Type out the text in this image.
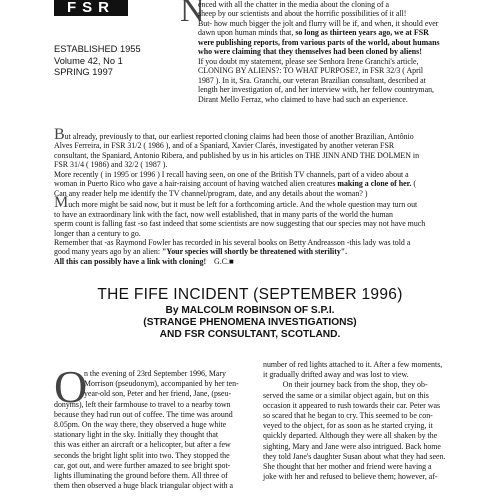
FSR
ESTABLISHED 1955
Volume 42, No 1
SPRING 1997
N
enced with all the chatter in the media about the cloning of a
sheep by our scientists and about the horrific possibilities of it all!
But- how much bigger the jolt and flurry will be if, and when, it should ever
dawn upon human minds that, so long as thirteen years ago, we at FSR
were publishing reports, from various parts of the world, about humans
who were claiming that they themselves had been cloned by aliens!
If you doubt my statement, please see Senhora Irene Granchi's article,
CLONING BY ALIENS?: TO WHAT PURPOSE?, in FSR 32/3 ( April
1987 ). In it, Sra. Granchi, our veteran Brazilian consultant, described at
length her investigation of, and her interview with, her fellow countryman,
Dirant Mello Ferraz, who claimed to have had such an experience.
But already, previously to that, our earliest reported cloning claims had been those of another Brazilian, Antônio
Alves Ferreira, in FSR 31/2 ( 1986 ), and of a Spaniard, Xavier Clarés, investigated by another veteran FSR
consultant, the Spaniard, Antonio Ribera, and published by us in his articles on THE JINN AND THE DOLMEN in
FSR 31/4 ( 1986) and 32/2 ( 1987 ).
More recently ( in 1995 or 1996 ) I recall having seen, on one of the British TV channels, part of a video about a
woman in Puerto Rico who gave a hair-raising account of having watched alien creatures making a clone of her. (
Can any reader help me identify the TV channel/program, date, and any details about the woman? )
Much more might be said now, but it must be left for a forthcoming article. And the whole question may turn out
to have an extraordinary link with the fact, now well established, that in many parts of the world the human
sperm count is falling fast -so fast indeed that some scientists are now suggesting that our species may not have much
longer than a century to go.
Remember that -as Raymond Fowler has recorded in his several books on Betty Andreasson -this lady was told a
good many years ago by an alien: "Your species will shortly be threatened with sterility".
All this can possibly have a link with cloning! G.C.■
THE FIFE INCIDENT (SEPTEMBER 1996)
By MALCOLM ROBINSON OF S.P.I.
(STRANGE PHENOMENA INVESTIGATIONS)
AND FSR CONSULTANT, SCOTLAND.
O
n the evening of 23rd September 1996, Mary
Morrison (pseudonym), accompanied by her ten-
year-old son, Peter and her friend, Jane, (pseu-
donyms), left their farmhouse to travel to a nearby town
because they had run out of coffee. The time was around
8.05pm. On the way there, they observed a huge white
stationary light in the sky. Initially they thought that
this was either an aircraft or a helicopter, but after a few
seconds the bright light split into two. They stopped the
car, got out, and were further amazed to see bright spot-
lights illuminating the ground before them. All three of
them then observed a huge black triangular object with a
number of red lights attached to it. After a few moments,
it gradually drifted away and was lost to view.
On their journey back from the shop, they ob-
served the same or a similar object again, but on this
occasion it appeared to rush towards their car. Peter was
so scared that he began to cry. This seemed to be con-
veyed to the object, for as soon as he started crying, it
quickly departed. Although they were all shaken by the
sighting, Mary and Jane were also intrigued. Back home
they told Jane's daughter Susan about what they had seen.
She thought that her mother and friend were having a
joke with her and refused to believe them; however, af-
